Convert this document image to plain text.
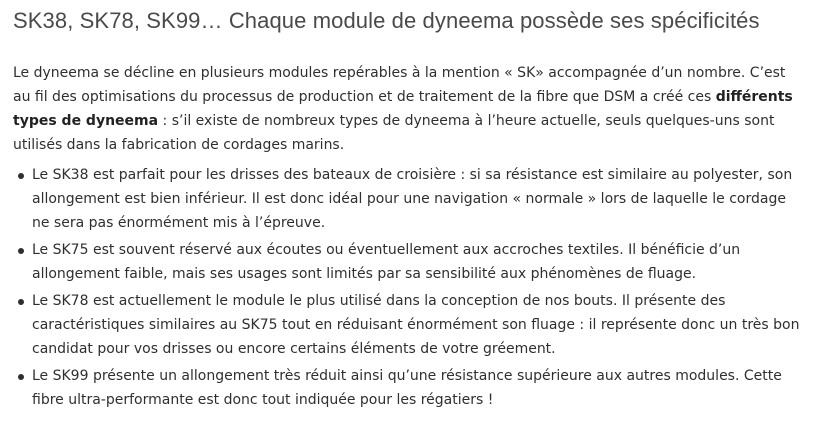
SK38, SK78, SK99… Chaque module de dyneema possède ses spécificités

Le dyneema se décline en plusieurs modules repérables à la mention « SK» accompagnée d’un nombre. C’est au fil des optimisations du processus de production et de traitement de la fibre que DSM a créé ces différents types de dyneema : s’il existe de nombreux types de dyneema à l’heure actuelle, seuls quelques-uns sont utilisés dans la fabrication de cordages marins.

Le SK38 est parfait pour les drisses des bateaux de croisière : si sa résistance est similaire au polyester, son allongement est bien inférieur. Il est donc idéal pour une navigation « normale » lors de laquelle le cordage ne sera pas énormément mis à l’épreuve.
Le SK75 est souvent réservé aux écoutes ou éventuellement aux accroches textiles. Il bénéficie d’un allongement faible, mais ses usages sont limités par sa sensibilité aux phénomènes de fluage.
Le SK78 est actuellement le module le plus utilisé dans la conception de nos bouts. Il présente des caractéristiques similaires au SK75 tout en réduisant énormément son fluage : il représente donc un très bon candidat pour vos drisses ou encore certains éléments de votre gréement.
Le SK99 présente un allongement très réduit ainsi qu’une résistance supérieure aux autres modules. Cette fibre ultra-performante est donc tout indiquée pour les régatiers !
